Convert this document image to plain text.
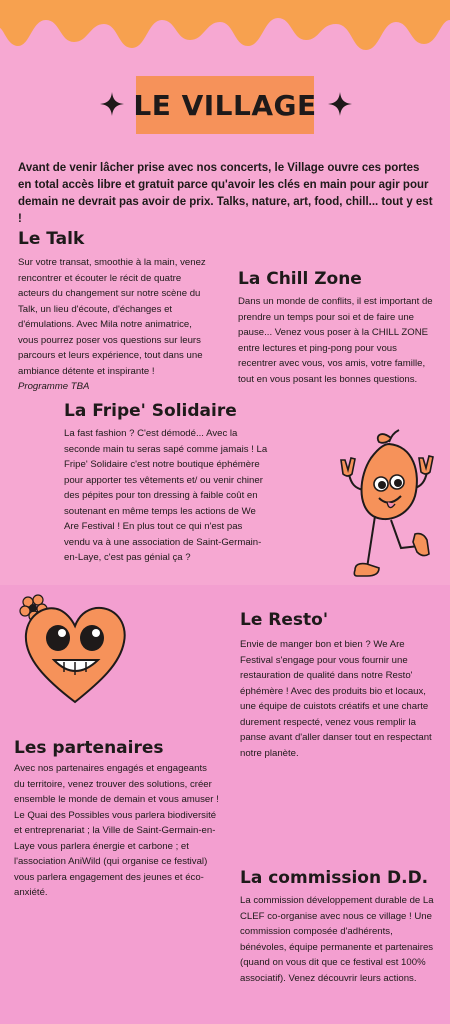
LE VILLAGE

Avant de venir lâcher prise avec nos concerts, le Village ouvre ces portes en total accès libre et gratuit parce qu'avoir les clés en main pour agir pour demain ne devrait pas avoir de prix. Talks, nature, art, food, chill... tout y est !

Le Talk

Sur votre transat, smoothie à la main, venez rencontrer et écouter le récit de quatre acteurs du changement sur notre scène du Talk, un lieu d'écoute, d'échanges et d'émulations. Avec Mila notre animatrice, vous pourrez poser vos questions sur leurs parcours et leurs expérience, tout dans une ambiance détente et inspirante !

Programme TBA

La Chill Zone

Dans un monde de conflits, il est important de prendre un temps pour soi et de faire une pause... Venez vous poser à la CHILL ZONE entre lectures et ping-pong pour vous recentrer avec vous, vos amis, votre famille, tout en vous posant les bonnes questions.

La Fripe' Solidaire

La fast fashion ? C'est démodé... Avec la seconde main tu seras sapé comme jamais ! La Fripe' Solidaire c'est notre boutique éphémère pour apporter tes vêtements et/ ou venir chiner des pépites pour ton dressing à faible coût en soutenant en même temps les actions de We Are Festival ! En plus tout ce qui n'est pas vendu va à une association de Saint-Germain-en-Laye, c'est pas génial ça ?

Le Resto'

Envie de manger bon et bien ? We Are Festival s'engage pour vous fournir une restauration de qualité dans notre Resto' éphémère ! Avec des produits bio et locaux, une équipe de cuistots créatifs et une charte durement respecté, venez vous remplir la panse avant d'aller danser tout en respectant notre planète.

Les partenaires

Avec nos partenaires engagés et engageants du territoire, venez trouver des solutions, créer ensemble le monde de demain et vous amuser ! Le Quai des Possibles vous parlera biodiversité et entreprenariat ; la Ville de Saint-Germain-en-Laye vous parlera énergie et carbone ; et l'association AniWild (qui organise ce festival) vous parlera engagement des jeunes et éco-anxiété.

La commission D.D.

La commission développement durable de La CLEF co-organise avec nous ce village ! Une commission composée d'adhérents, bénévoles, équipe permanente et partenaires (quand on vous dit que ce festival est 100% associatif). Venez découvrir leurs actions.
